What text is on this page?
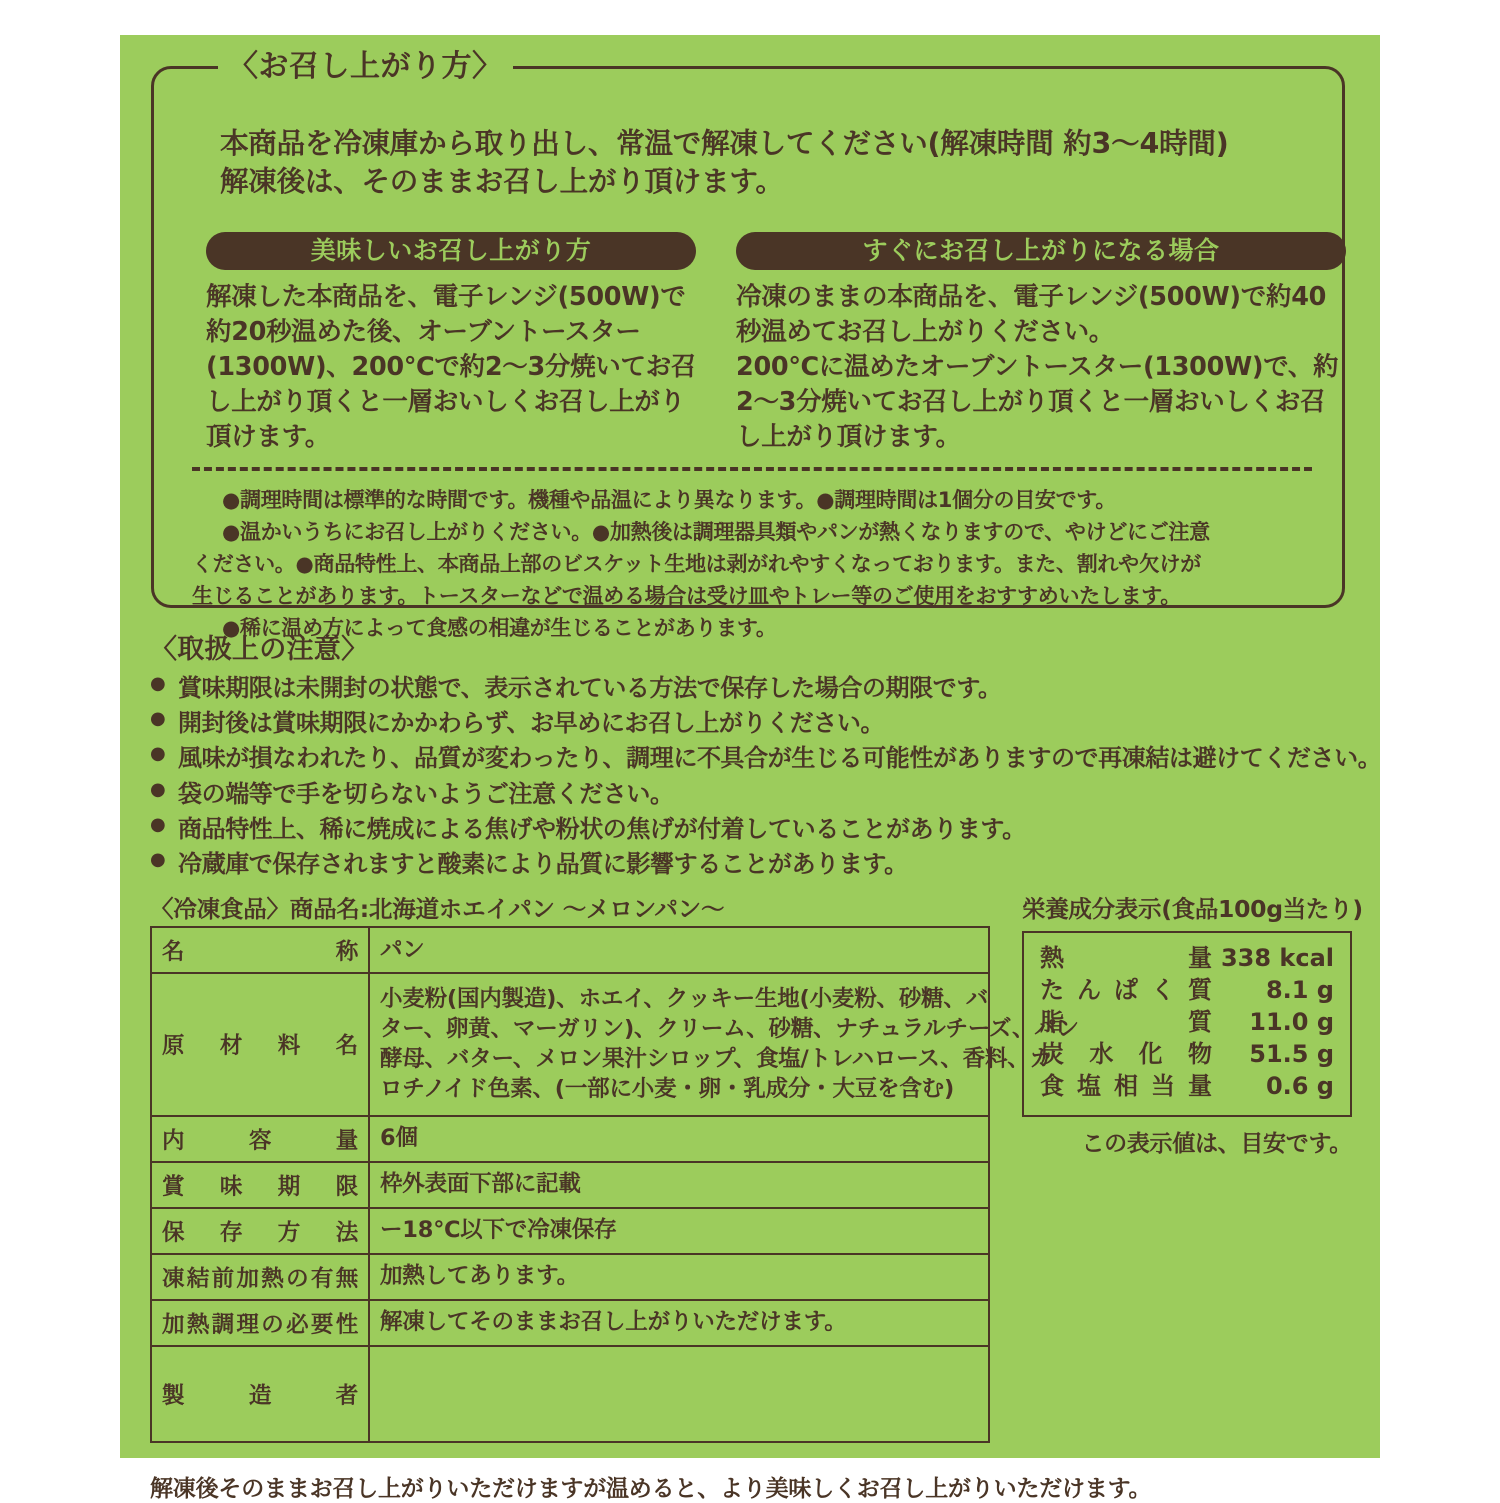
〈お召し上がり方〉
本商品を冷凍庫から取り出し、常温で解凍してください(解凍時間 約3〜4時間)
解凍後は、そのままお召し上がり頂けます。
美味しいお召し上がり方
解凍した本商品を、電子レンジ(500W)で
約20秒温めた後、オーブントースター
(1300W)、200℃で約2〜3分焼いてお召
し上がり頂くと一層おいしくお召し上がり
頂けます。
すぐにお召し上がりになる場合
冷凍のままの本商品を、電子レンジ(500W)で約40
秒温めてお召し上がりください。
200℃に温めたオーブントースター(1300W)で、約
2〜3分焼いてお召し上がり頂くと一層おいしくお召
し上がり頂けます。
●調理時間は標準的な時間です。機種や品温により異なります。●調理時間は1個分の目安です。
●温かいうちにお召し上がりください。●加熱後は調理器具類やパンが熱くなりますので、やけどにご注意
ください。●商品特性上、本商品上部のビスケット生地は剥がれやすくなっております。また、割れや欠けが
生じることがあります。トースターなどで温める場合は受け皿やトレー等のご使用をおすすめいたします。
●稀に温め方によって食感の相違が生じることがあります。
〈取扱上の注意〉
● 賞味期限は未開封の状態で、表示されている方法で保存した場合の期限です。
● 開封後は賞味期限にかかわらず、お早めにお召し上がりください。
● 風味が損なわれたり、品質が変わったり、調理に不具合が生じる可能性がありますので再凍結は避けてください。
● 袋の端等で手を切らないようご注意ください。
● 商品特性上、稀に焼成による焦げや粉状の焦げが付着していることがあります。
● 冷蔵庫で保存されますと酸素により品質に影響することがあります。
〈冷凍食品〉商品名:北海道ホエイパン 〜メロンパン〜
名称	パン

原材料名	小麦粉(国内製造)、ホエイ、クッキー生地(小麦粉、砂糖、バ
ター、卵黄、マーガリン)、クリーム、砂糖、ナチュラルチーズ、パン
酵母、バター、メロン果汁シロップ、食塩/トレハロース、香料、カ
ロチノイド色素、(一部に小麦・卵・乳成分・大豆を含む)

内容量	6個

賞味期限	枠外表面下部に記載

保存方法	ー18℃以下で冷凍保存

凍結前加熱の有無	加熱してあります。

加熱調理の必要性	解凍してそのままお召し上がりいただけます。

製造者	
解凍後そのままお召し上がりいただけますが温めると、より美味しくお召し上がりいただけます。
栄養成分表示(食品100g当たり)
熱量	338 kcal
たんぱく質	8.1 g
脂質	11.0 g
炭水化物	51.5 g
食塩相当量	0.6 g
この表示値は、目安です。
